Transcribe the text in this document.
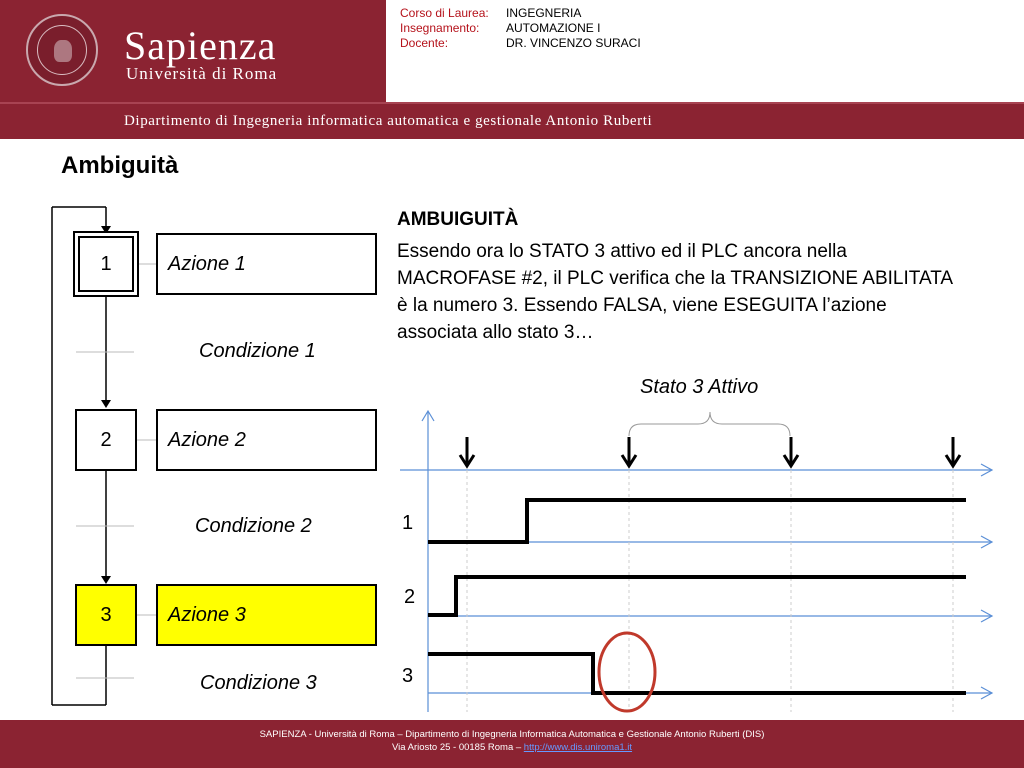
Sapienza
Università di Roma
Corso di Laurea:	INGEGNERIA
Insegnamento:	AUTOMAZIONE I
Docente:	DR. VINCENZO SURACI
Dipartimento di Ingegneria informatica automatica e gestionale Antonio Ruberti
Ambiguità
1	Azione 1
2	Azione 2
3	Azione 3
Condizione 1
Condizione 2
Condizione 3
AMBUIGUITÀ
Essendo ora lo STATO 3 attivo ed il PLC ancora nella MACROFASE #2, il PLC verifica che la TRANSIZIONE ABILITATA è la numero 3. Essendo FALSA, viene ESEGUITA l’azione associata allo stato 3…
Stato 3 Attivo
1
2
3
SAPIENZA - Università di Roma – Dipartimento di Ingegneria Informatica Automatica e Gestionale Antonio Ruberti (DIS)
Via Ariosto 25 - 00185 Roma – http://www.dis.uniroma1.it
